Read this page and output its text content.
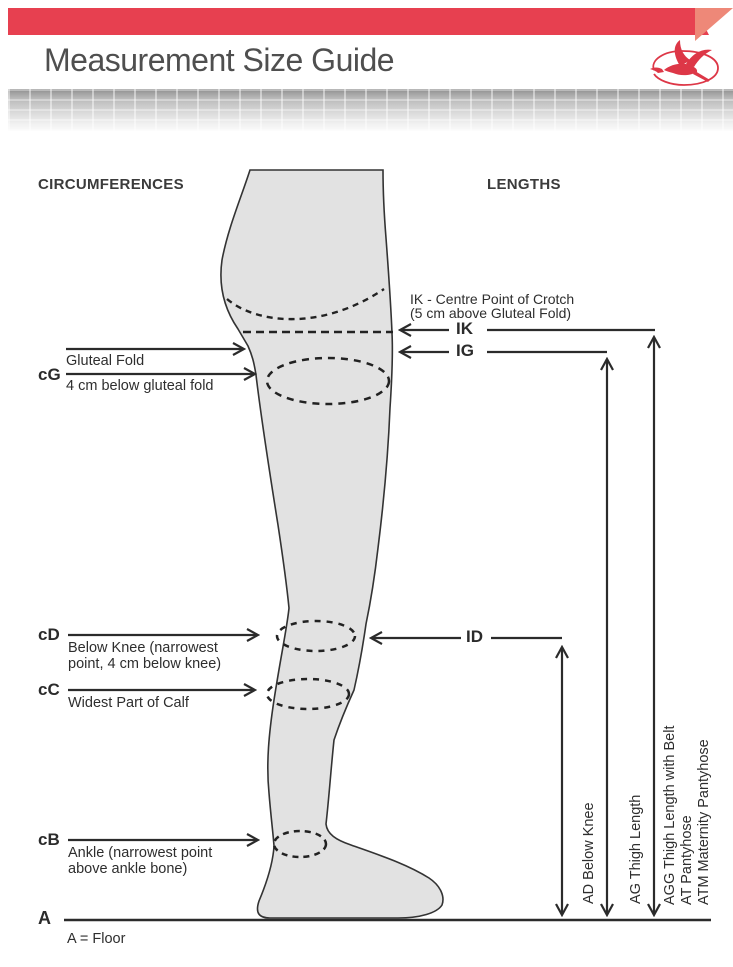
Measurement Size Guide
CIRCUMFERENCES	LENGTHS
cG
Gluteal Fold
4 cm below gluteal fold
cD
Below Knee (narrowest
point, 4 cm below knee)
cC
Widest Part of Calf
cB
Ankle (narrowest point
above ankle bone)
A
A = Floor
IK - Centre Point of Crotch
(5 cm above Gluteal Fold)
IK
IG
ID
AD Below Knee AG Thigh Length AGG Thigh Length with Belt AT Pantyhose ATM Maternity Pantyhose
